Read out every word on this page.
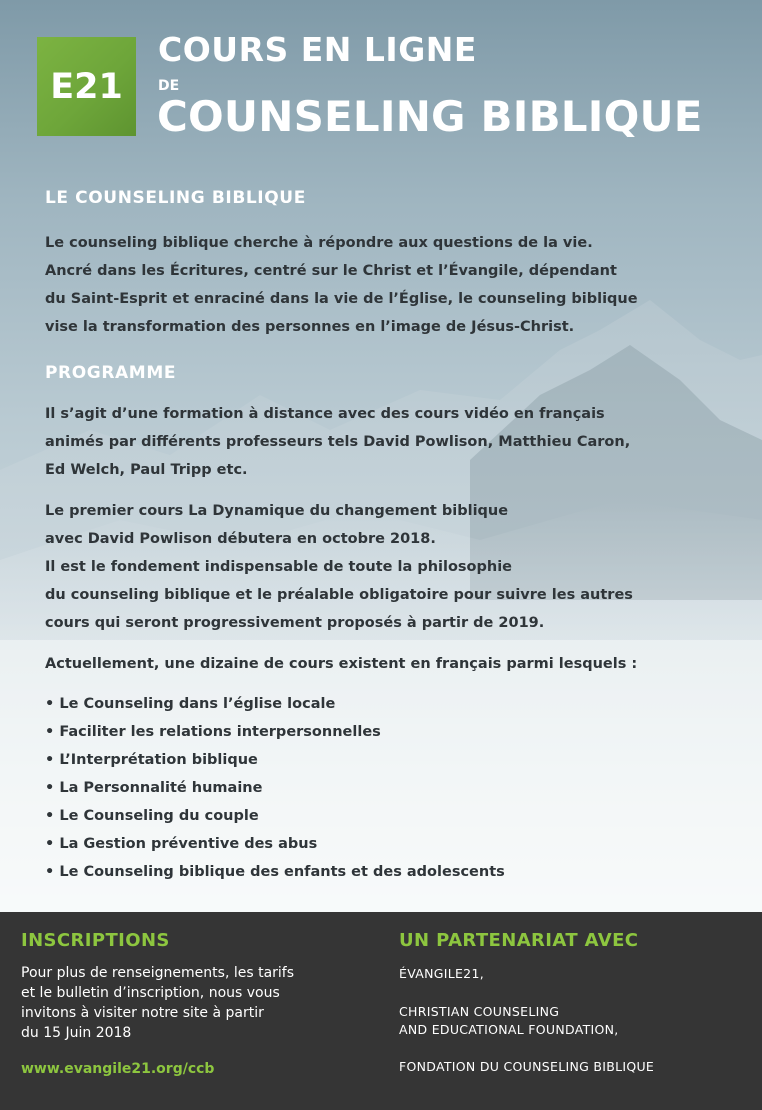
E21
COURS EN LIGNE
DE
COUNSELING BIBLIQUE
LE COUNSELING BIBLIQUE

Le counseling biblique cherche à répondre aux questions de la vie.
Ancré dans les Écritures, centré sur le Christ et l’Évangile, dépendant
du Saint-Esprit et enraciné dans la vie de l’Église, le counseling biblique
vise la transformation des personnes en l’image de Jésus-Christ.

PROGRAMME

Il s’agit d’une formation à distance avec des cours vidéo en français
animés par différents professeurs tels David Powlison, Matthieu Caron,
Ed Welch, Paul Tripp etc.

Le premier cours La Dynamique du changement biblique
avec David Powlison débutera en octobre 2018.
Il est le fondement indispensable de toute la philosophie
du counseling biblique et le préalable obligatoire pour suivre les autres
cours qui seront progressivement proposés à partir de 2019.

Actuellement, une dizaine de cours existent en français parmi lesquels :

• Le Counseling dans l’église locale
• Faciliter les relations interpersonnelles
• L’Interprétation biblique
• La Personnalité humaine
• Le Counseling du couple
• La Gestion préventive des abus
• Le Counseling biblique des enfants et des adolescents
INSCRIPTIONS
Pour plus de renseignements, les tarifs
et le bulletin d’inscription, nous vous
invitons à visiter notre site à partir
du 15 Juin 2018
www.evangile21.org/ccb
UN PARTENARIAT AVEC
ÉVANGILE21,
CHRISTIAN COUNSELING
AND EDUCATIONAL FOUNDATION,
FONDATION DU COUNSELING BIBLIQUE
